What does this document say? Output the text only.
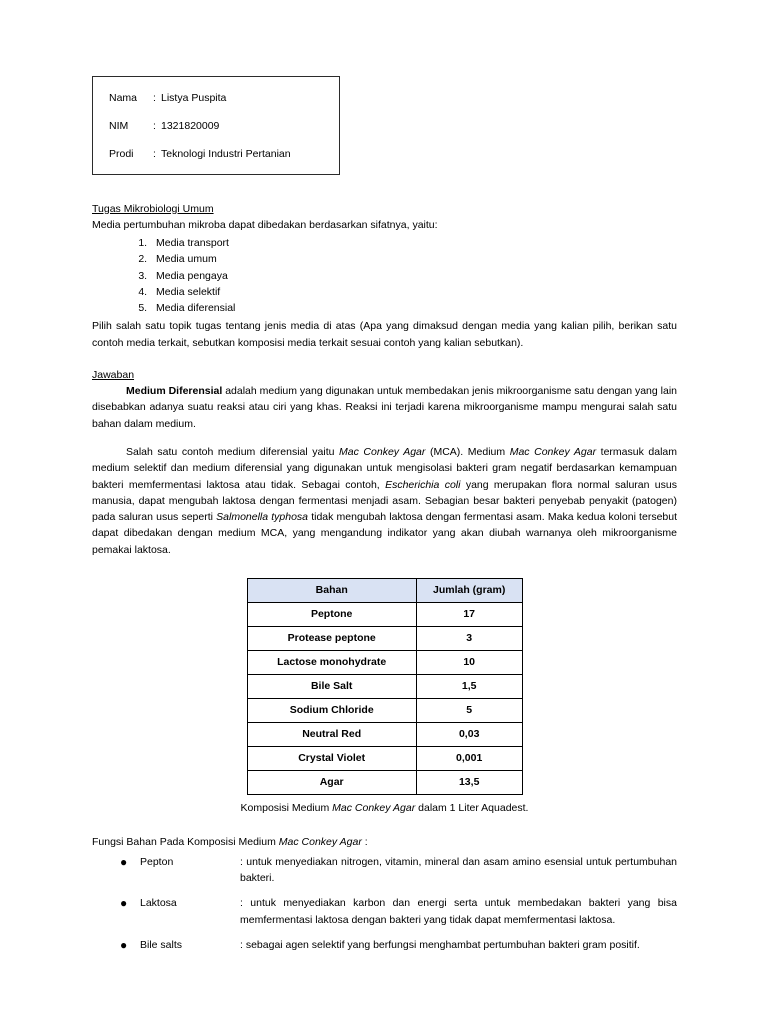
Nama : Listya Puspita
NIM : 1321820009
Prodi : Teknologi Industri Pertanian

Tugas Mikrobiologi Umum

Media pertumbuhan mikroba dapat dibedakan berdasarkan sifatnya, yaitu:

1. Media transport
2. Media umum
3. Media pengaya
4. Media selektif
5. Media diferensial

Pilih salah satu topik tugas tentang jenis media di atas (Apa yang dimaksud dengan media yang kalian pilih, berikan satu contoh media terkait, sebutkan komposisi media terkait sesuai contoh yang kalian sebutkan).

Jawaban

Medium Diferensial adalah medium yang digunakan untuk membedakan jenis mikroorganisme satu dengan yang lain disebabkan adanya suatu reaksi atau ciri yang khas. Reaksi ini terjadi karena mikroorganisme mampu mengurai salah satu bahan dalam medium.

Salah satu contoh medium diferensial yaitu Mac Conkey Agar (MCA). Medium Mac Conkey Agar termasuk dalam medium selektif dan medium diferensial yang digunakan untuk mengisolasi bakteri gram negatif berdasarkan kemampuan bakteri memfermentasi laktosa atau tidak. Sebagai contoh, Escherichia coli yang merupakan flora normal saluran usus manusia, dapat mengubah laktosa dengan fermentasi menjadi asam. Sebagian besar bakteri penyebab penyakit (patogen) pada saluran usus seperti Salmonella typhosa tidak mengubah laktosa dengan fermentasi asam. Maka kedua koloni tersebut dapat dibedakan dengan medium MCA, yang mengandung indikator yang akan diubah warnanya oleh mikroorganisme pemakai laktosa.

Bahan	Jumlah (gram)
Peptone	17
Protease peptone	3
Lactose monohydrate	10
Bile Salt	1,5
Sodium Chloride	5
Neutral Red	0,03
Crystal Violet	0,001
Agar	13,5
Komposisi Medium Mac Conkey Agar dalam 1 Liter Aquadest.
Fungsi Bahan Pada Komposisi Medium Mac Conkey Agar :
●	Pepton	: untuk menyediakan nitrogen, vitamin, mineral dan asam amino esensial untuk pertumbuhan bakteri.
●	Laktosa	: untuk menyediakan karbon dan energi serta untuk membedakan bakteri yang bisa memfermentasi laktosa dengan bakteri yang tidak dapat memfermentasi laktosa.
●	Bile salts	: sebagai agen selektif yang berfungsi menghambat pertumbuhan bakteri gram positif.
